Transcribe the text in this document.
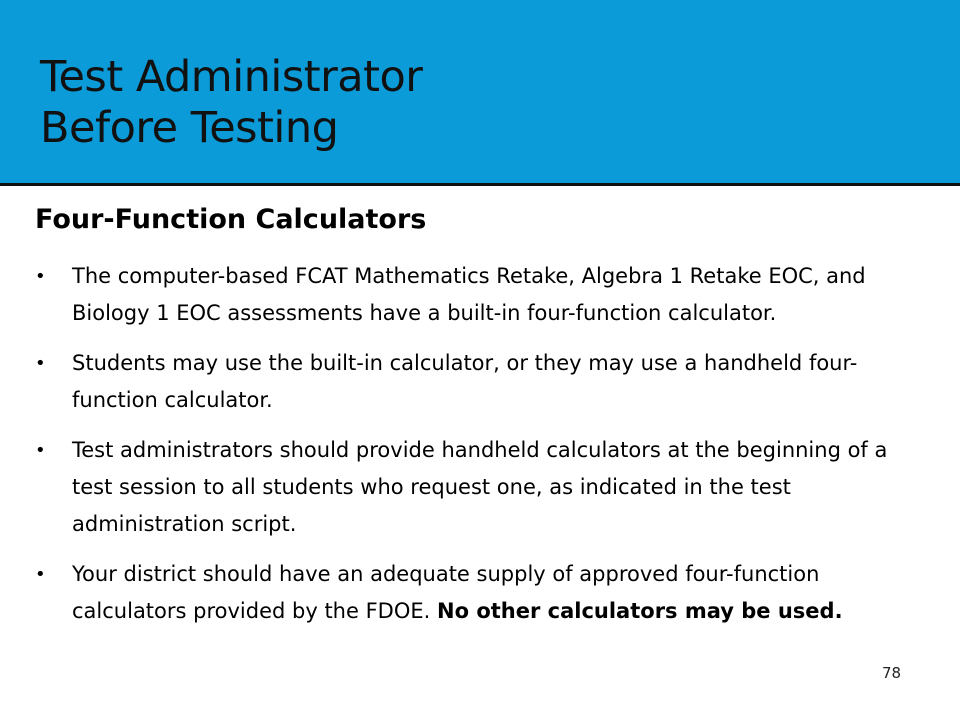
Test Administrator
Before Testing
Four-Function Calculators
•	The computer-based FCAT Mathematics Retake, Algebra 1 Retake EOC, and Biology 1 EOC assessments have a built-in four-function calculator.
•	Students may use the built-in calculator, or they may use a handheld four-function calculator.
•	Test administrators should provide handheld calculators at the beginning of a test session to all students who request one, as indicated in the test administration script.
•	Your district should have an adequate supply of approved four-function calculators provided by the FDOE. No other calculators may be used.
78
